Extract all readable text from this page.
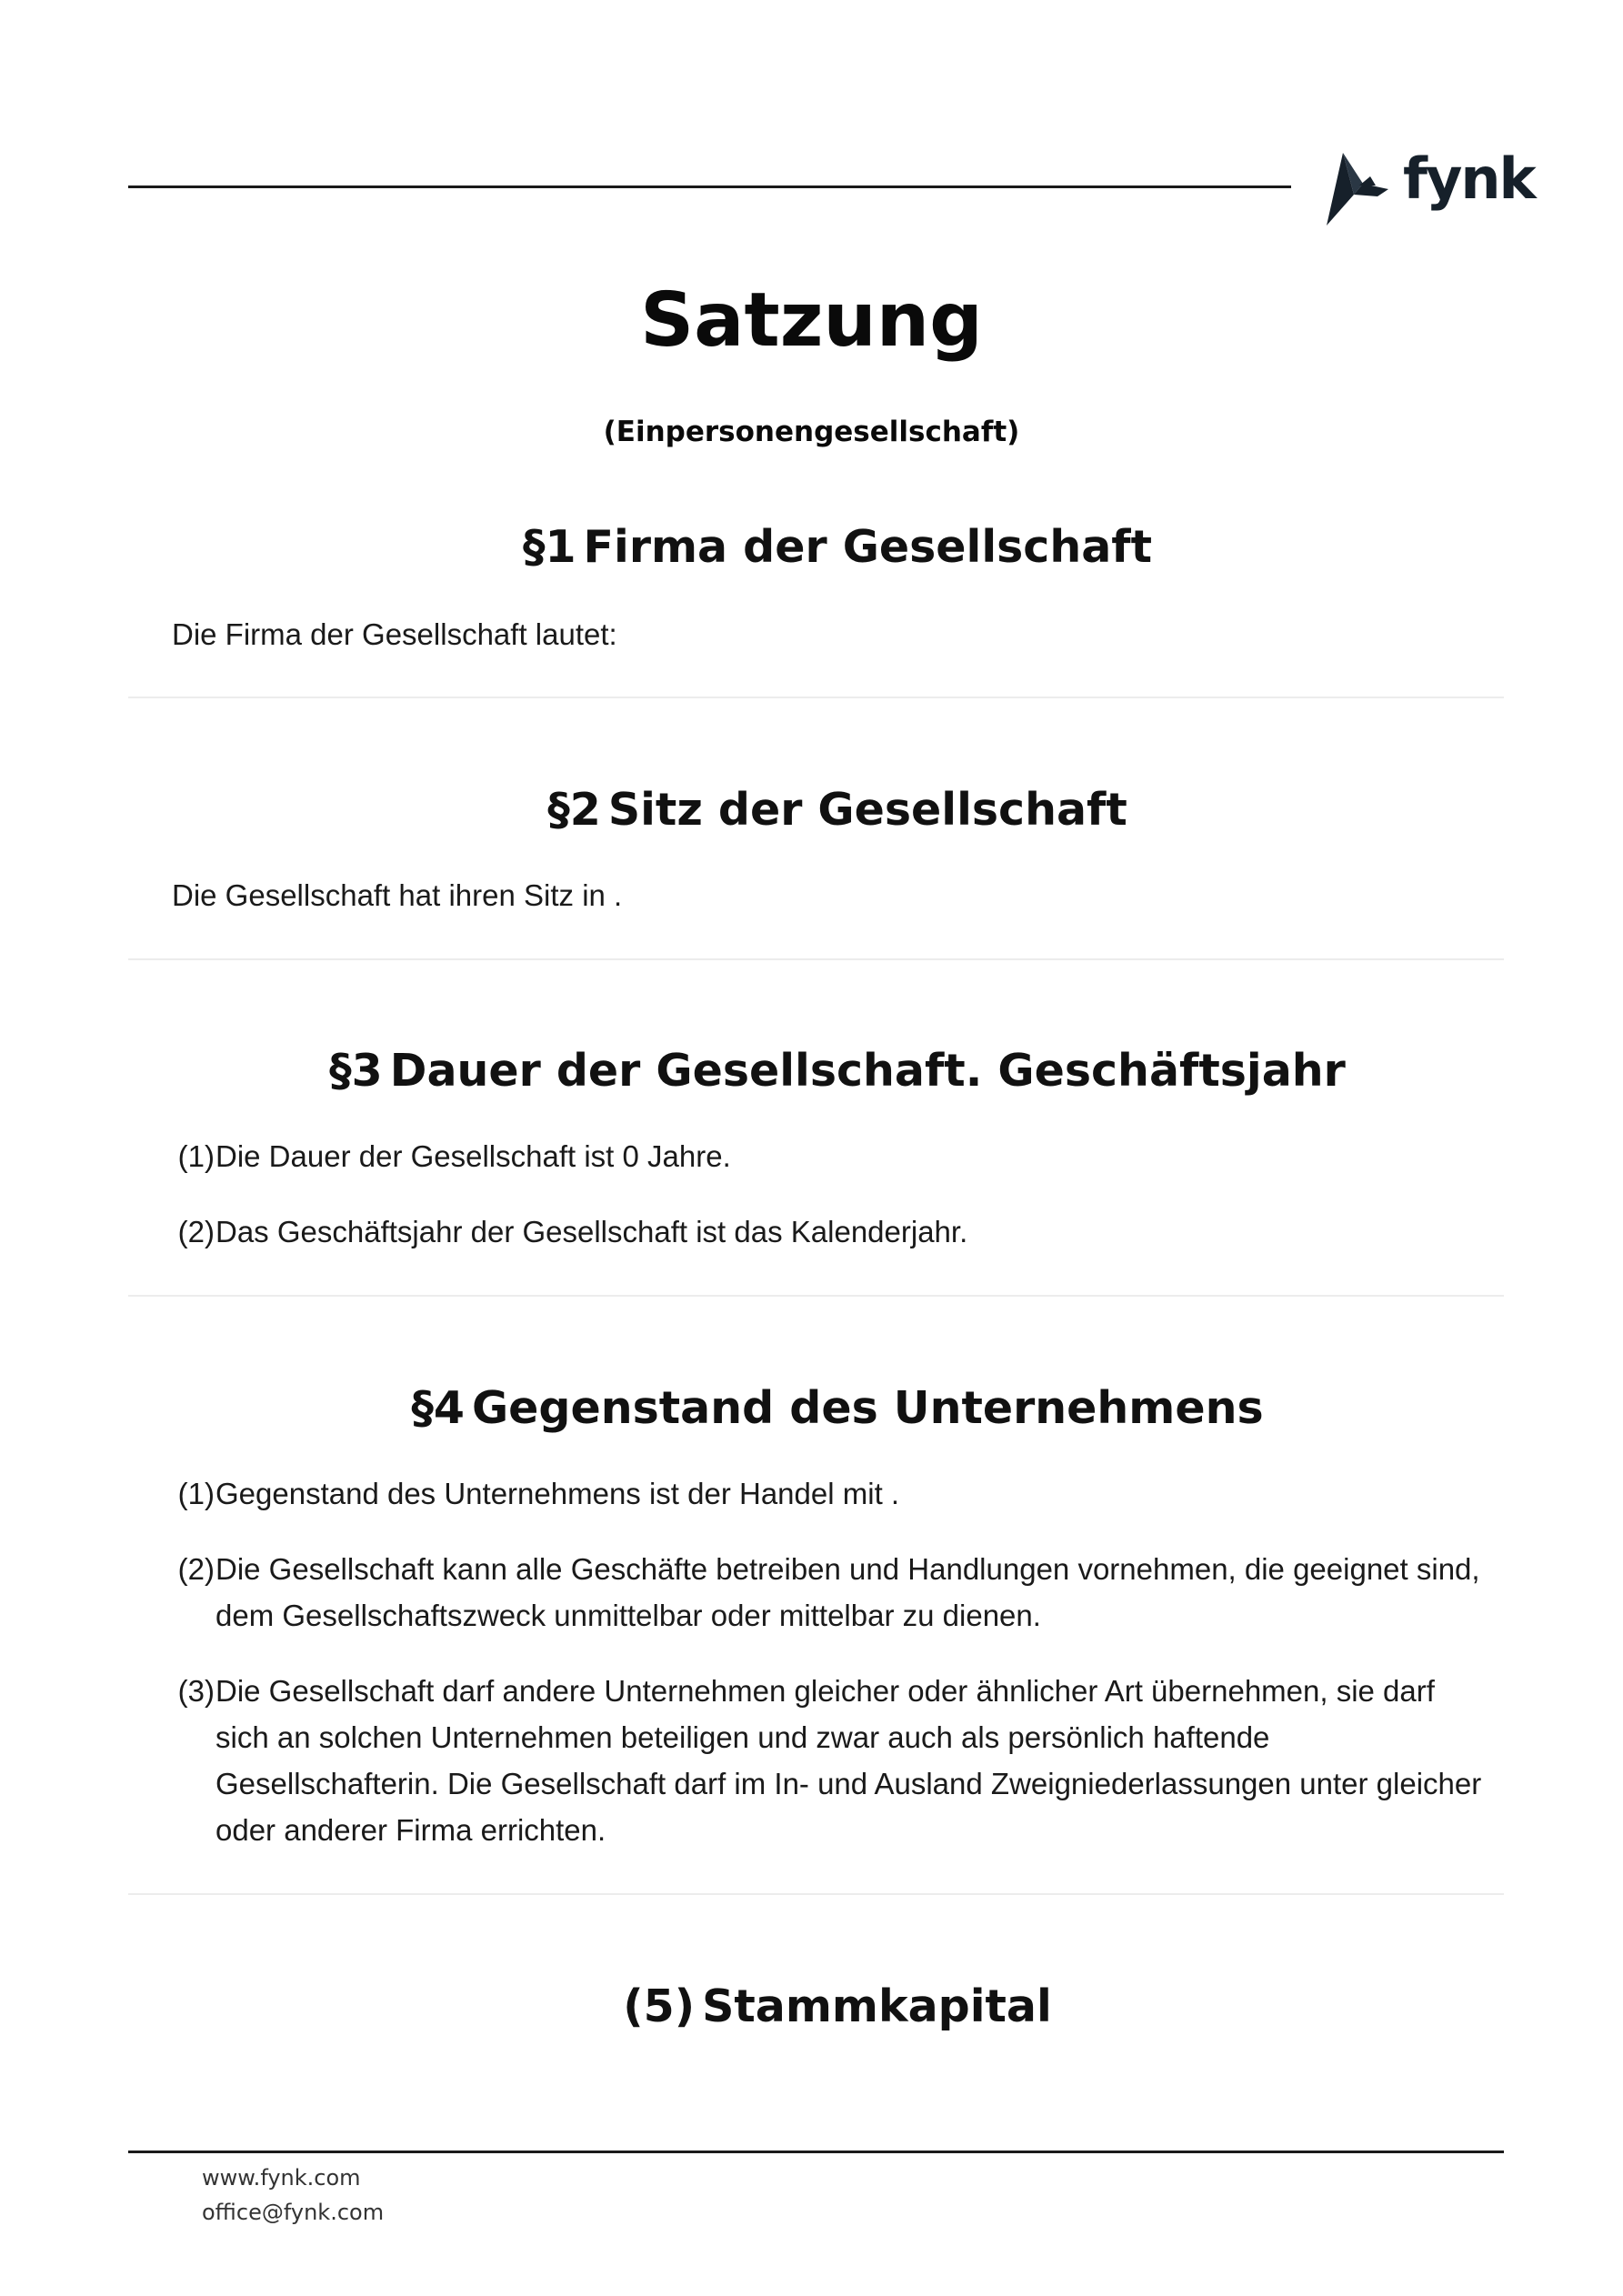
fynk
Satzung
(Einpersonengesellschaft)
§1 Firma der Gesellschaft
Die Firma der Gesellschaft lautet:
§2 Sitz der Gesellschaft
Die Gesellschaft hat ihren Sitz in .
§3 Dauer der Gesellschaft. Geschäftsjahr
(1) Die Dauer der Gesellschaft ist 0 Jahre.
(2) Das Geschäftsjahr der Gesellschaft ist das Kalenderjahr.
§4 Gegenstand des Unternehmens
(1) Gegenstand des Unternehmens ist der Handel mit .
(2) Die Gesellschaft kann alle Geschäfte betreiben und Handlungen vornehmen, die geeignet sind, dem Gesellschaftszweck unmittelbar oder mittelbar zu dienen.
(3) Die Gesellschaft darf andere Unternehmen gleicher oder ähnlicher Art übernehmen, sie darf sich an solchen Unternehmen beteiligen und zwar auch als persönlich haftende Gesellschafterin. Die Gesellschaft darf im In- und Ausland Zweigniederlassungen unter gleicher oder anderer Firma errichten.
(5) Stammkapital
www.fynk.com
office@fynk.com
